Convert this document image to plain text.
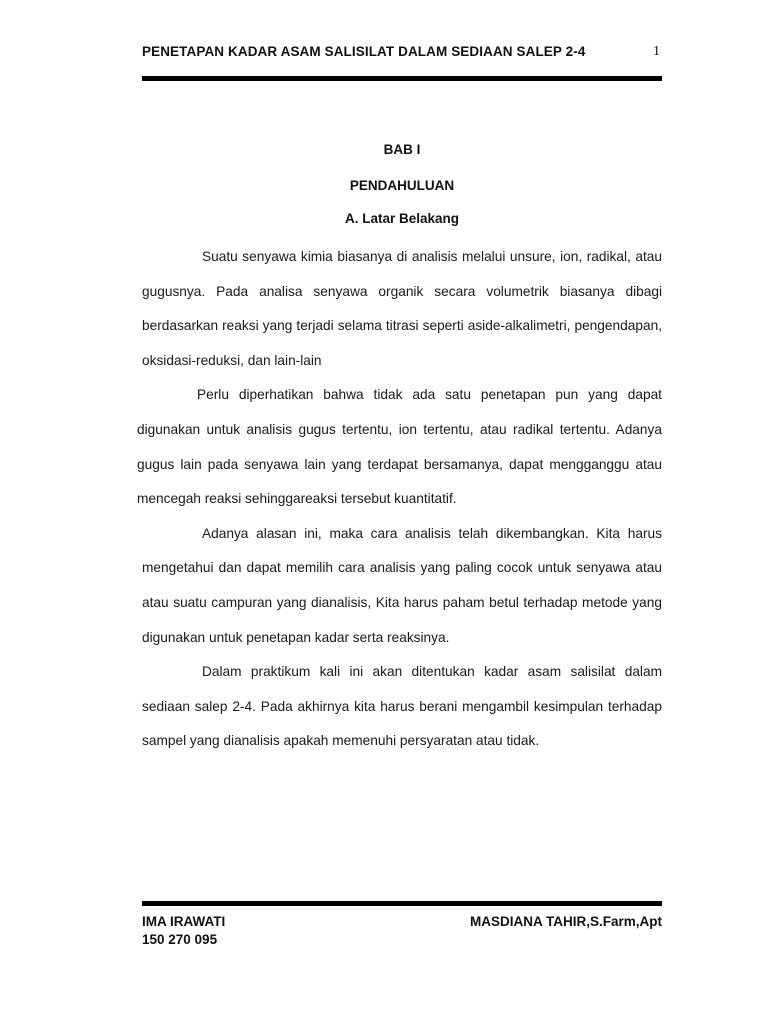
PENETAPAN KADAR ASAM SALISILAT DALAM SEDIAAN SALEP 2-4	1
BAB I
PENDAHULUAN
A. Latar Belakang

Suatu senyawa kimia biasanya di analisis melalui unsure, ion, radikal, atau gugusnya. Pada analisa senyawa organik secara volumetrik biasanya dibagi berdasarkan reaksi yang terjadi selama titrasi seperti aside-alkalimetri, pengendapan, oksidasi-reduksi, dan lain-lain

Perlu diperhatikan bahwa tidak ada satu penetapan pun yang dapat digunakan untuk analisis gugus tertentu, ion tertentu, atau radikal tertentu. Adanya gugus lain pada senyawa lain yang terdapat bersamanya, dapat mengganggu atau mencegah reaksi sehinggareaksi tersebut kuantitatif.

Adanya alasan ini, maka cara analisis telah dikembangkan. Kita harus mengetahui dan dapat memilih cara analisis yang paling cocok untuk senyawa atau atau suatu campuran yang dianalisis, Kita harus paham betul terhadap metode yang digunakan untuk penetapan kadar serta reaksinya.

Dalam praktikum kali ini akan ditentukan kadar asam salisilat dalam sediaan salep 2-4. Pada akhirnya kita harus berani mengambil kesimpulan terhadap sampel yang dianalisis apakah memenuhi persyaratan atau tidak.

IMA IRAWATI
150 270 095
MASDIANA TAHIR,S.Farm,Apt
